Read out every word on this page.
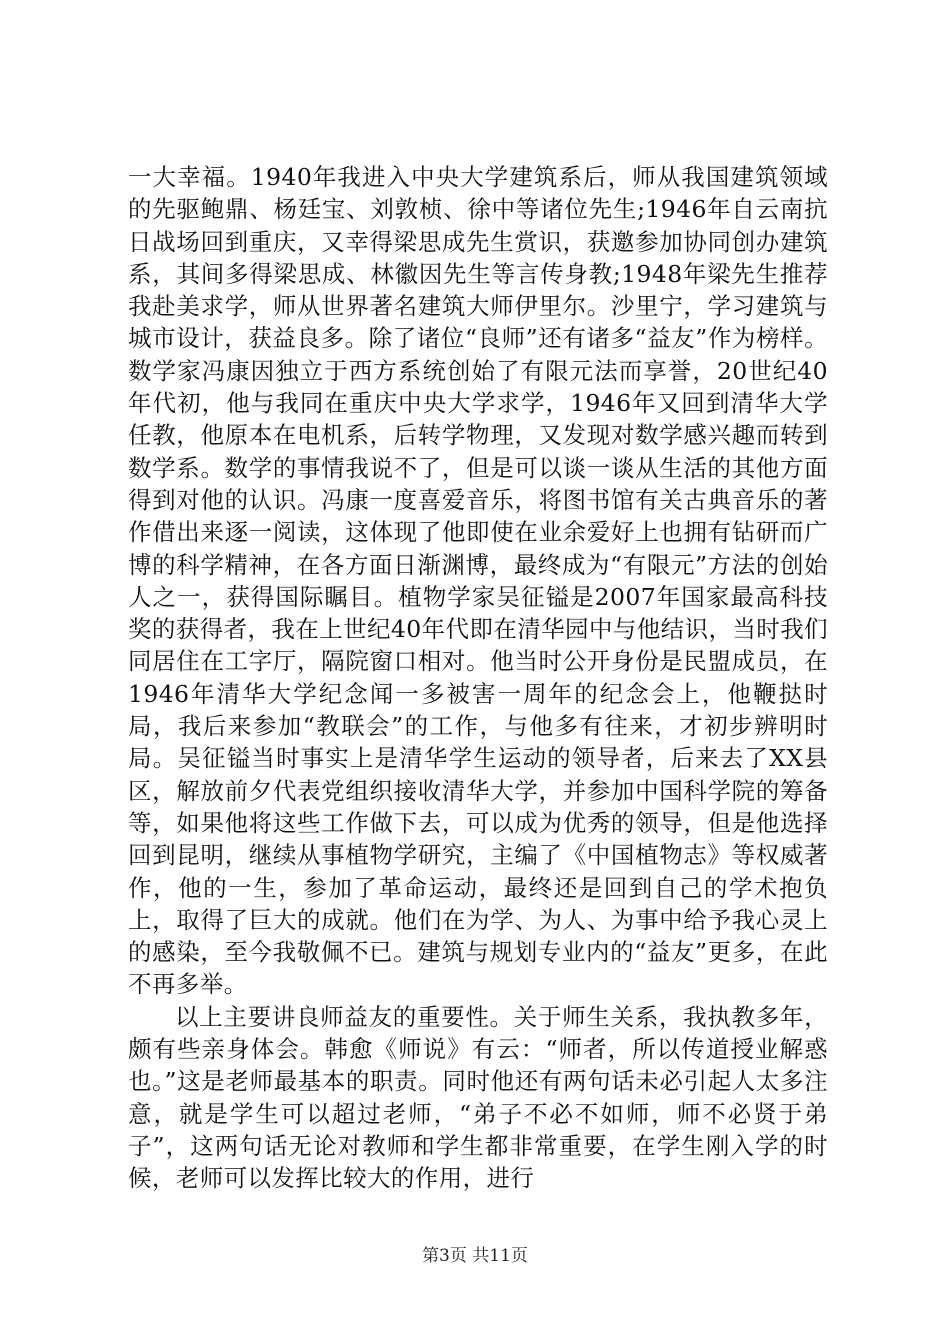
一大幸福。1940年我进入中央大学建筑系后，师从我国建筑领域的先驱鲍鼎、杨廷宝、刘敦桢、徐中等诸位先生;1946年自云南抗日战场回到重庆，又幸得梁思成先生赏识，获邀参加协同创办建筑系，其间多得梁思成、林徽因先生等言传身教;1948年梁先生推荐我赴美求学，师从世界著名建筑大师伊里尔。沙里宁，学习建筑与城市设计，获益良多。除了诸位“良师”还有诸多“益友”作为榜样。数学家冯康因独立于西方系统创始了有限元法而享誉，20世纪40年代初，他与我同在重庆中央大学求学，1946年又回到清华大学任教，他原本在电机系，后转学物理，又发现对数学感兴趣而转到数学系。数学的事情我说不了，但是可以谈一谈从生活的其他方面得到对他的认识。冯康一度喜爱音乐，将图书馆有关古典音乐的著作借出来逐一阅读，这体现了他即使在业余爱好上也拥有钻研而广博的科学精神，在各方面日渐渊博，最终成为“有限元”方法的创始人之一，获得国际瞩目。植物学家吴征镒是2007年国家最高科技奖的获得者，我在上世纪40年代即在清华园中与他结识，当时我们同居住在工字厅，隔院窗口相对。他当时公开身份是民盟成员，在1946年清华大学纪念闻一多被害一周年的纪念会上，他鞭挞时局，我后来参加“教联会”的工作，与他多有往来，才初步辨明时局。吴征镒当时事实上是清华学生运动的领导者，后来去了XX县区，解放前夕代表党组织接收清华大学，并参加中国科学院的筹备等，如果他将这些工作做下去，可以成为优秀的领导，但是他选择回到昆明，继续从事植物学研究，主编了《中国植物志》等权威著作，他的一生，参加了革命运动，最终还是回到自己的学术抱负上，取得了巨大的成就。他们在为学、为人、为事中给予我心灵上的感染，至今我敬佩不已。建筑与规划专业内的“益友”更多，在此不再多举。

以上主要讲良师益友的重要性。关于师生关系，我执教多年，颇有些亲身体会。韩愈《师说》有云：“师者，所以传道授业解惑也。”这是老师最基本的职责。同时他还有两句话未必引起人太多注意，就是学生可以超过老师，“弟子不必不如师，师不必贤于弟子”，这两句话无论对教师和学生都非常重要，在学生刚入学的时候，老师可以发挥比较大的作用，进行

第3页 共11页
